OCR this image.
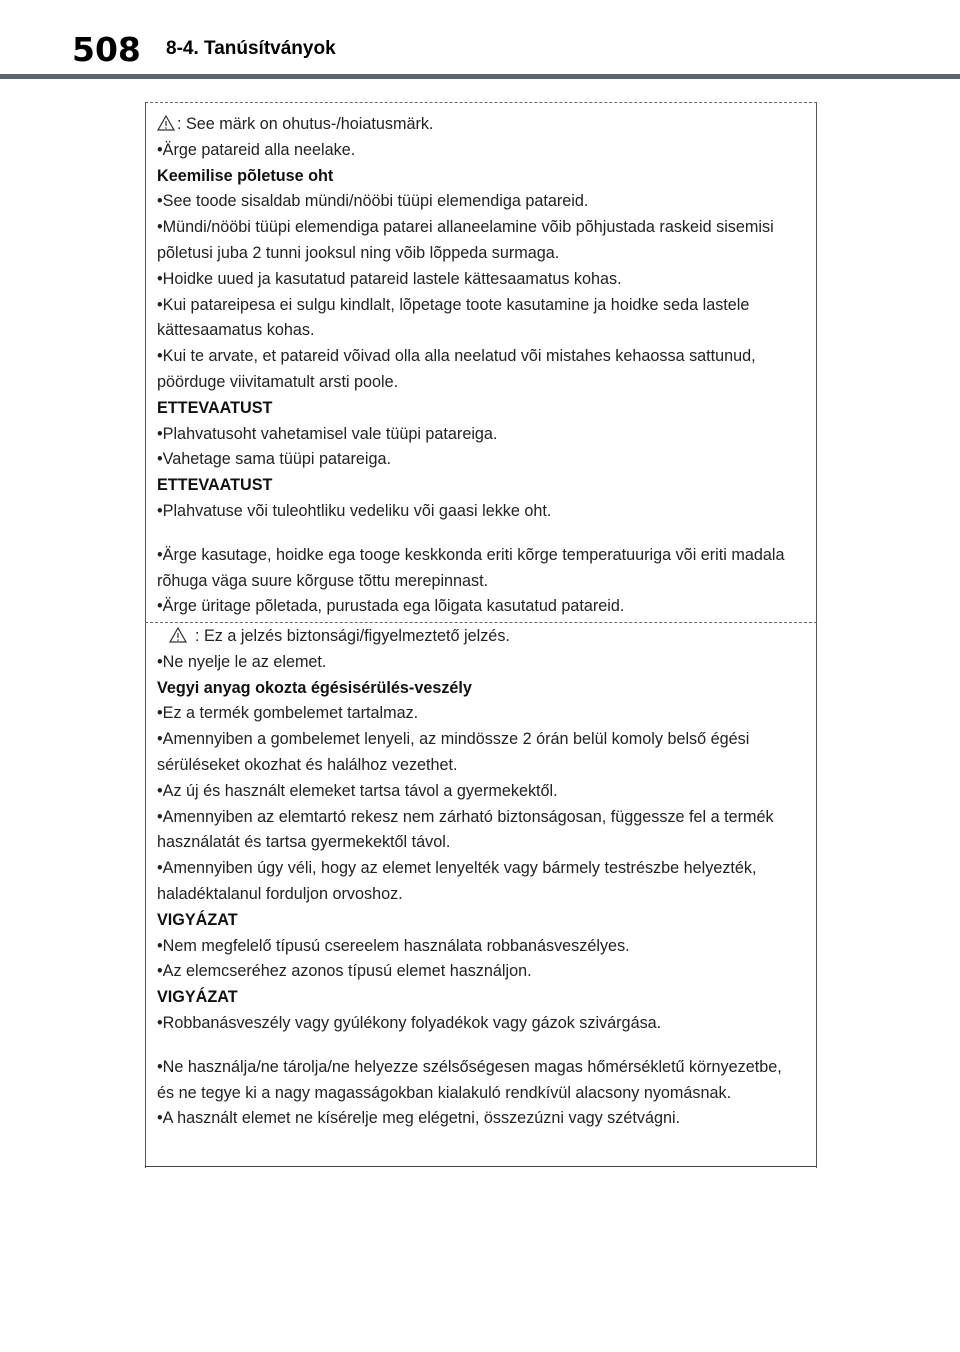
508 8-4. Tanúsítványok

: See märk on ohutus-/hoiatusmärk.

•Ärge patareid alla neelake.

Keemilise põletuse oht

•See toode sisaldab mündi/nööbi tüüpi elemendiga patareid.

•Mündi/nööbi tüüpi elemendiga patarei allaneelamine võib põhjustada raskeid sisemisi põletusi juba 2 tunni jooksul ning võib lõppeda surmaga.

•Hoidke uued ja kasutatud patareid lastele kättesaamatus kohas.

•Kui patareipesa ei sulgu kindlalt, lõpetage toote kasutamine ja hoidke seda lastele kättesaamatus kohas.

•Kui te arvate, et patareid võivad olla alla neelatud või mistahes kehaossa sattunud, pöörduge viivitamatult arsti poole.

ETTEVAATUST

•Plahvatusoht vahetamisel vale tüüpi patareiga.

•Vahetage sama tüüpi patareiga.

ETTEVAATUST

•Plahvatuse või tuleohtliku vedeliku või gaasi lekke oht.

•Ärge kasutage, hoidke ega tooge keskkonda eriti kõrge temperatuuriga või eriti madala rõhuga väga suure kõrguse tõttu merepinnast.

•Ärge üritage põletada, purustada ega lõigata kasutatud patareid.

: Ez a jelzés biztonsági/figyelmeztető jelzés.

•Ne nyelje le az elemet.

Vegyi anyag okozta égésisérülés-veszély

•Ez a termék gombelemet tartalmaz.

•Amennyiben a gombelemet lenyeli, az mindössze 2 órán belül komoly belső égési sérüléseket okozhat és halálhoz vezethet.

•Az új és használt elemeket tartsa távol a gyermekektől.

•Amennyiben az elemtartó rekesz nem zárható biztonságosan, függessze fel a termék használatát és tartsa gyermekektől távol.

•Amennyiben úgy véli, hogy az elemet lenyelték vagy bármely testrészbe helyezték, haladéktalanul forduljon orvoshoz.

VIGYÁZAT

•Nem megfelelő típusú csereelem használata robbanásveszélyes.

•Az elemcseréhez azonos típusú elemet használjon.

VIGYÁZAT

•Robbanásveszély vagy gyúlékony folyadékok vagy gázok szivárgása.

•Ne használja/ne tárolja/ne helyezze szélsőségesen magas hőmérsékletű környezetbe, és ne tegye ki a nagy magasságokban kialakuló rendkívül alacsony nyomásnak.

•A használt elemet ne kísérelje meg elégetni, összezúzni vagy szétvágni.
